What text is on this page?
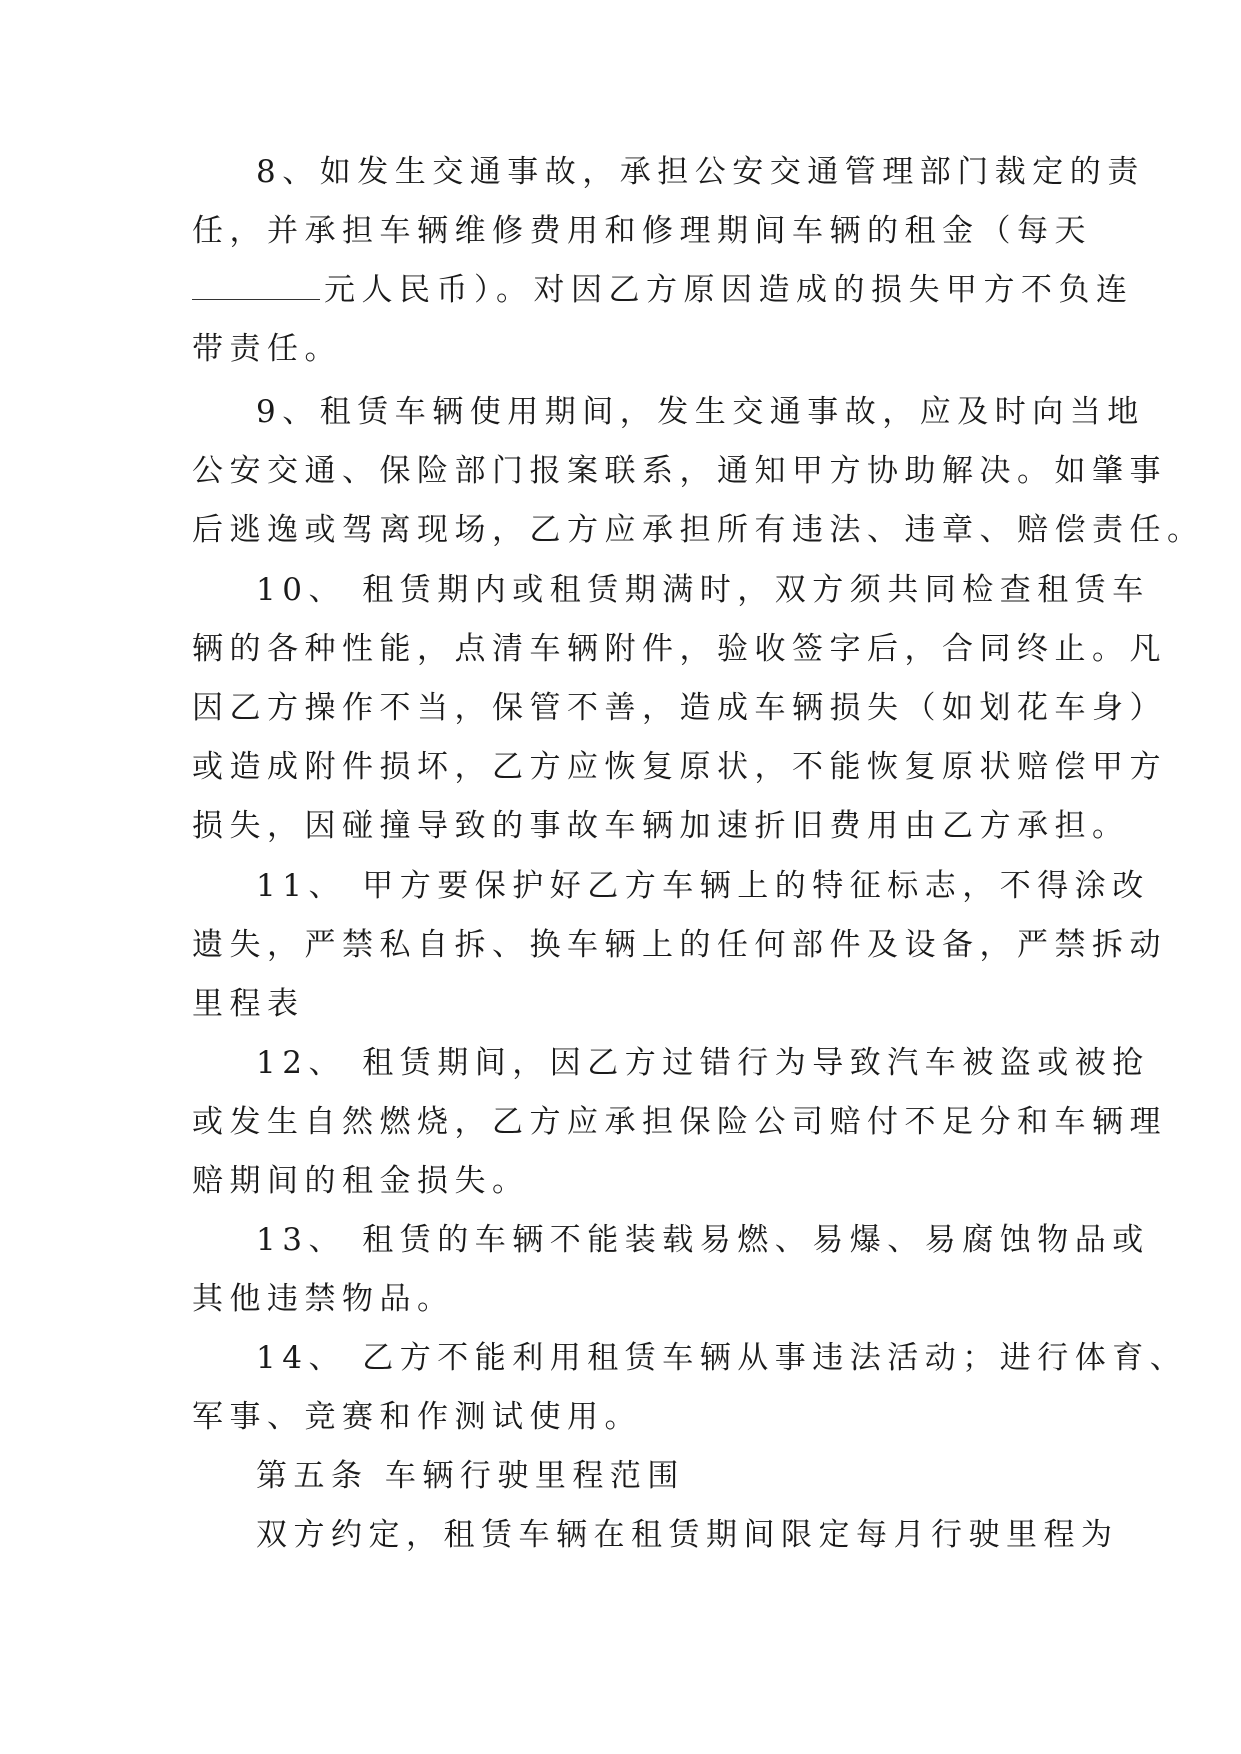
8、如发生交通事故，承担公安交通管理部门裁定的责
任，并承担车辆维修费用和修理期间车辆的租金（每天
元人民币）。对因乙方原因造成的损失甲方不负连
带责任。
9、租赁车辆使用期间，发生交通事故，应及时向当地
公安交通、保险部门报案联系，通知甲方协助解决。如肇事
后逃逸或驾离现场，乙方应承担所有违法、违章、赔偿责任。
10、 租赁期内或租赁期满时，双方须共同检查租赁车
辆的各种性能，点清车辆附件，验收签字后，合同终止。凡
因乙方操作不当，保管不善，造成车辆损失（如划花车身）
或造成附件损坏，乙方应恢复原状，不能恢复原状赔偿甲方
损失，因碰撞导致的事故车辆加速折旧费用由乙方承担。
11、 甲方要保护好乙方车辆上的特征标志，不得涂改
遗失，严禁私自拆、换车辆上的任何部件及设备，严禁拆动
里程表
12、 租赁期间，因乙方过错行为导致汽车被盗或被抢
或发生自然燃烧，乙方应承担保险公司赔付不足分和车辆理
赔期间的租金损失。
13、 租赁的车辆不能装载易燃、易爆、易腐蚀物品或
其他违禁物品。
14、 乙方不能利用租赁车辆从事违法活动；进行体育、
军事、竞赛和作测试使用。
第五条 车辆行驶里程范围
双方约定，租赁车辆在租赁期间限定每月行驶里程为
